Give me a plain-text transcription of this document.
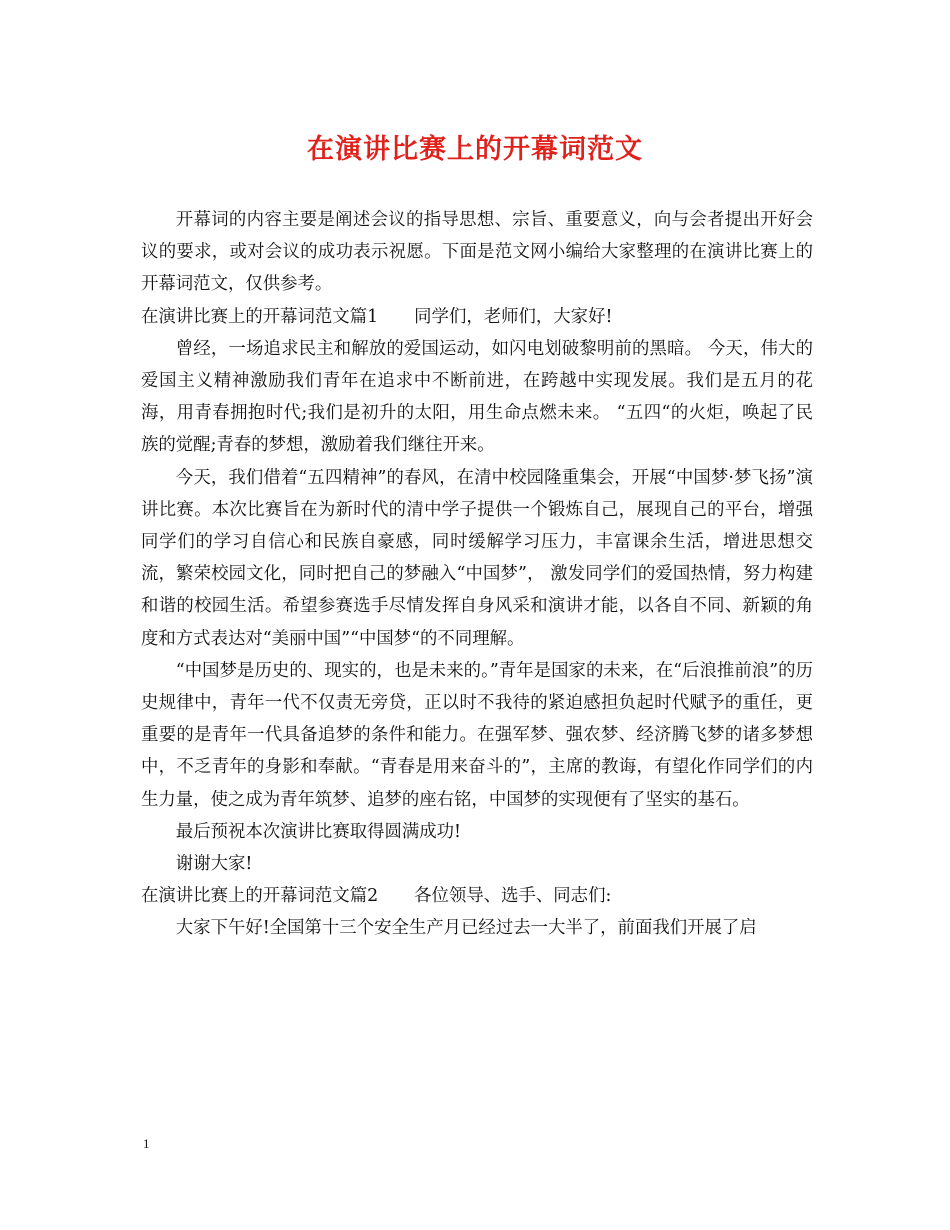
在演讲比赛上的开幕词范文

开幕词的内容主要是阐述会议的指导思想、宗旨、重要意义，向与会者提出开好会议的要求，或对会议的成功表示祝愿。下面是范文网小编给大家整理的在演讲比赛上的开幕词范文，仅供参考。

在演讲比赛上的开幕词范文篇1 同学们，老师们，大家好!

曾经，一场追求民主和解放的爱国运动，如闪电划破黎明前的黑暗。 今天，伟大的爱国主义精神激励我们青年在追求中不断前进，在跨越中实现发展。我们是五月的花海，用青春拥抱时代;我们是初升的太阳，用生命点燃未来。 “五四“的火炬，唤起了民族的觉醒;青春的梦想，激励着我们继往开来。

今天，我们借着“五四精神”的春风，在清中校园隆重集会，开展“中国梦·梦飞扬”演讲比赛。本次比赛旨在为新时代的清中学子提供一个锻炼自己，展现自己的平台，增强同学们的学习自信心和民族自豪感，同时缓解学习压力，丰富课余生活，增进思想交流，繁荣校园文化，同时把自己的梦融入“中国梦”， 激发同学们的爱国热情，努力构建和谐的校园生活。希望参赛选手尽情发挥自身风采和演讲才能，以各自不同、新颖的角度和方式表达对“美丽中国”“中国梦“的不同理解。

“中国梦是历史的、现实的，也是未来的。”青年是国家的未来，在“后浪推前浪”的历史规律中，青年一代不仅责无旁贷，正以时不我待的紧迫感担负起时代赋予的重任，更重要的是青年一代具备追梦的条件和能力。在强军梦、强农梦、经济腾飞梦的诸多梦想中，不乏青年的身影和奉献。“青春是用来奋斗的”，主席的教诲，有望化作同学们的内生力量，使之成为青年筑梦、追梦的座右铭，中国梦的实现便有了坚实的基石。

最后预祝本次演讲比赛取得圆满成功!

谢谢大家!

在演讲比赛上的开幕词范文篇2 各位领导、选手、同志们:

大家下午好!全国第十三个安全生产月已经过去一大半了，前面我们开展了启

1
